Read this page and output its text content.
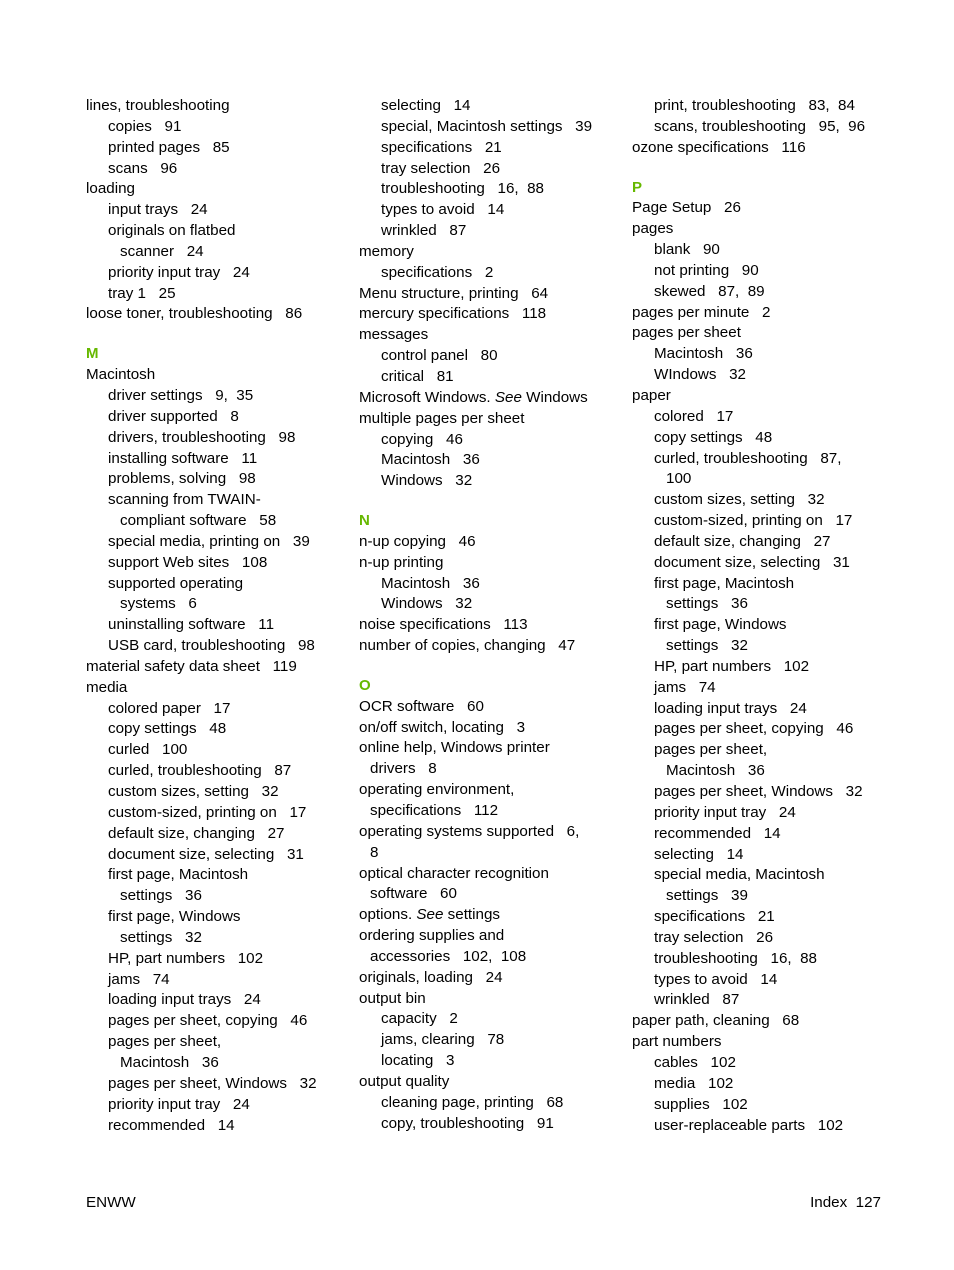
lines, troubleshooting
copies   91
printed pages   85
scans   96
loading
input trays   24
originals on flatbed
scanner   24
priority input tray   24
tray 1   25
loose toner, troubleshooting   86
M
Macintosh
driver settings   9,  35
driver supported   8
drivers, troubleshooting   98
installing software   11
problems, solving   98
scanning from TWAIN-
compliant software   58
special media, printing on   39
support Web sites   108
supported operating
systems   6
uninstalling software   11
USB card, troubleshooting   98
material safety data sheet   119
media
colored paper   17
copy settings   48
curled   100
curled, troubleshooting   87
custom sizes, setting   32
custom-sized, printing on   17
default size, changing   27
document size, selecting   31
first page, Macintosh
settings   36
first page, Windows
settings   32
HP, part numbers   102
jams   74
loading input trays   24
pages per sheet, copying   46
pages per sheet,
Macintosh   36
pages per sheet, Windows   32
priority input tray   24
recommended   14
selecting   14
special, Macintosh settings   39
specifications   21
tray selection   26
troubleshooting   16,  88
types to avoid   14
wrinkled   87
memory
specifications   2
Menu structure, printing   64
mercury specifications   118
messages
control panel   80
critical   81
Microsoft Windows. See Windows
multiple pages per sheet
copying   46
Macintosh   36
Windows   32
N
n-up copying   46
n-up printing
Macintosh   36
Windows   32
noise specifications   113
number of copies, changing   47
O
OCR software   60
on/off switch, locating   3
online help, Windows printer
drivers   8
operating environment,
specifications   112
operating systems supported   6,
8
optical character recognition
software   60
options. See settings
ordering supplies and
accessories   102,  108
originals, loading   24
output bin
capacity   2
jams, clearing   78
locating   3
output quality
cleaning page, printing   68
copy, troubleshooting   91
print, troubleshooting   83,  84
scans, troubleshooting   95,  96
ozone specifications   116
P
Page Setup   26
pages
blank   90
not printing   90
skewed   87,  89
pages per minute   2
pages per sheet
Macintosh   36
WIndows   32
paper
colored   17
copy settings   48
curled, troubleshooting   87,
100
custom sizes, setting   32
custom-sized, printing on   17
default size, changing   27
document size, selecting   31
first page, Macintosh
settings   36
first page, Windows
settings   32
HP, part numbers   102
jams   74
loading input trays   24
pages per sheet, copying   46
pages per sheet,
Macintosh   36
pages per sheet, Windows   32
priority input tray   24
recommended   14
selecting   14
special media, Macintosh
settings   39
specifications   21
tray selection   26
troubleshooting   16,  88
types to avoid   14
wrinkled   87
paper path, cleaning   68
part numbers
cables   102
media   102
supplies   102
user-replaceable parts   102
ENWW	Index  127
